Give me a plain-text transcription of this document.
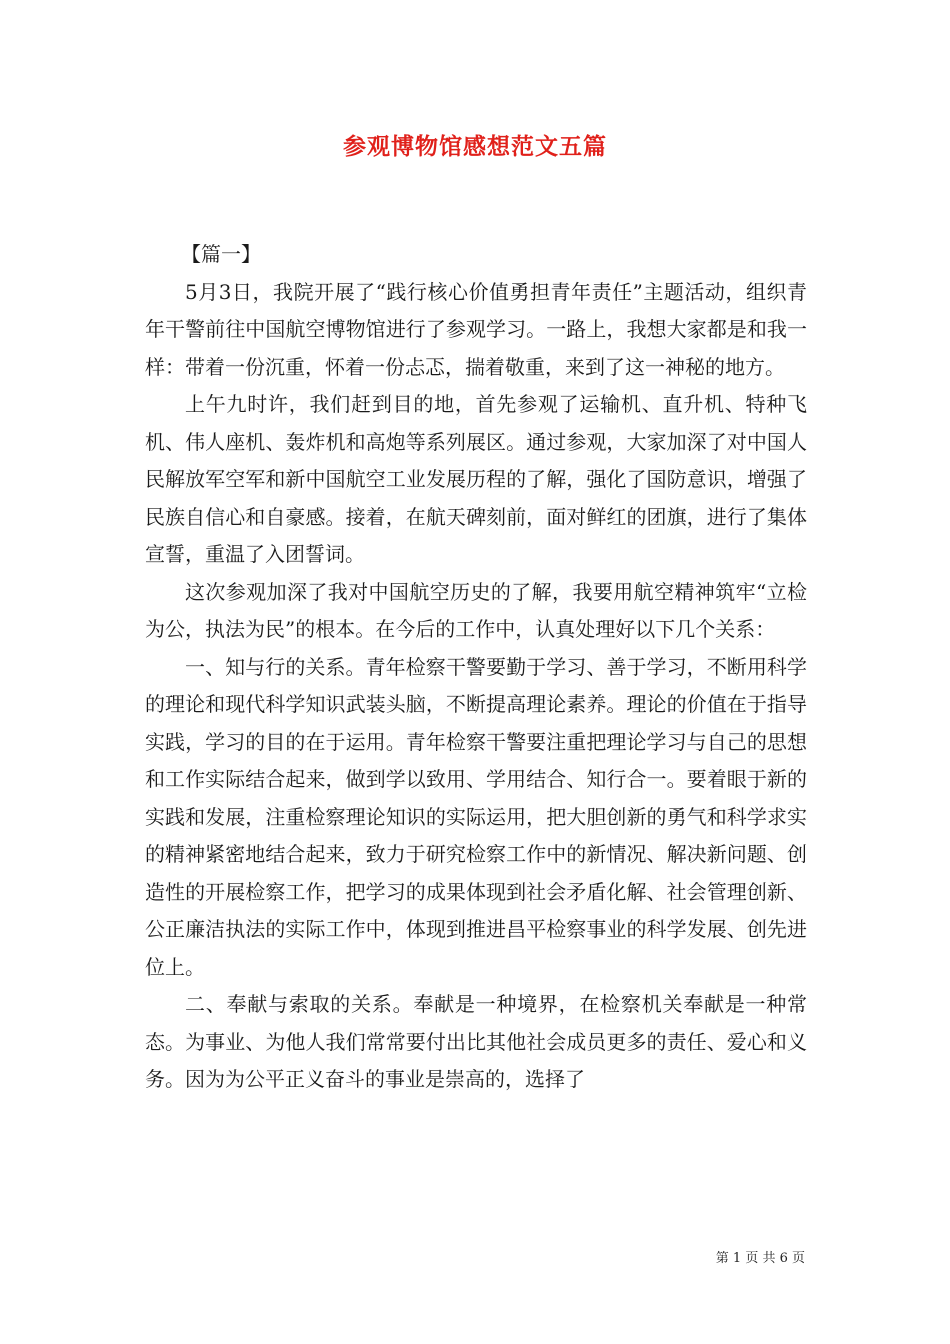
参观博物馆感想范文五篇

【篇一】

5月3日，我院开展了“践行核心价值勇担青年责任”主题活动，组织青年干警前往中国航空博物馆进行了参观学习。一路上，我想大家都是和我一样：带着一份沉重，怀着一份忐忑，揣着敬重，来到了这一神秘的地方。

上午九时许，我们赶到目的地，首先参观了运输机、直升机、特种飞机、伟人座机、轰炸机和高炮等系列展区。通过参观，大家加深了对中国人民解放军空军和新中国航空工业发展历程的了解，强化了国防意识，增强了民族自信心和自豪感。接着，在航天碑刻前，面对鲜红的团旗，进行了集体宣誓，重温了入团誓词。

这次参观加深了我对中国航空历史的了解，我要用航空精神筑牢“立检为公，执法为民”的根本。在今后的工作中，认真处理好以下几个关系：

一、知与行的关系。青年检察干警要勤于学习、善于学习，不断用科学的理论和现代科学知识武装头脑，不断提高理论素养。理论的价值在于指导实践，学习的目的在于运用。青年检察干警要注重把理论学习与自己的思想和工作实际结合起来，做到学以致用、学用结合、知行合一。要着眼于新的实践和发展，注重检察理论知识的实际运用，把大胆创新的勇气和科学求实的精神紧密地结合起来，致力于研究检察工作中的新情况、解决新问题、创造性的开展检察工作，把学习的成果体现到社会矛盾化解、社会管理创新、公正廉洁执法的实际工作中，体现到推进昌平检察事业的科学发展、创先进位上。

二、奉献与索取的关系。奉献是一种境界，在检察机关奉献是一种常态。为事业、为他人我们常常要付出比其他社会成员更多的责任、爱心和义务。因为为公平正义奋斗的事业是崇高的，选择了

第 1 页 共 6 页
